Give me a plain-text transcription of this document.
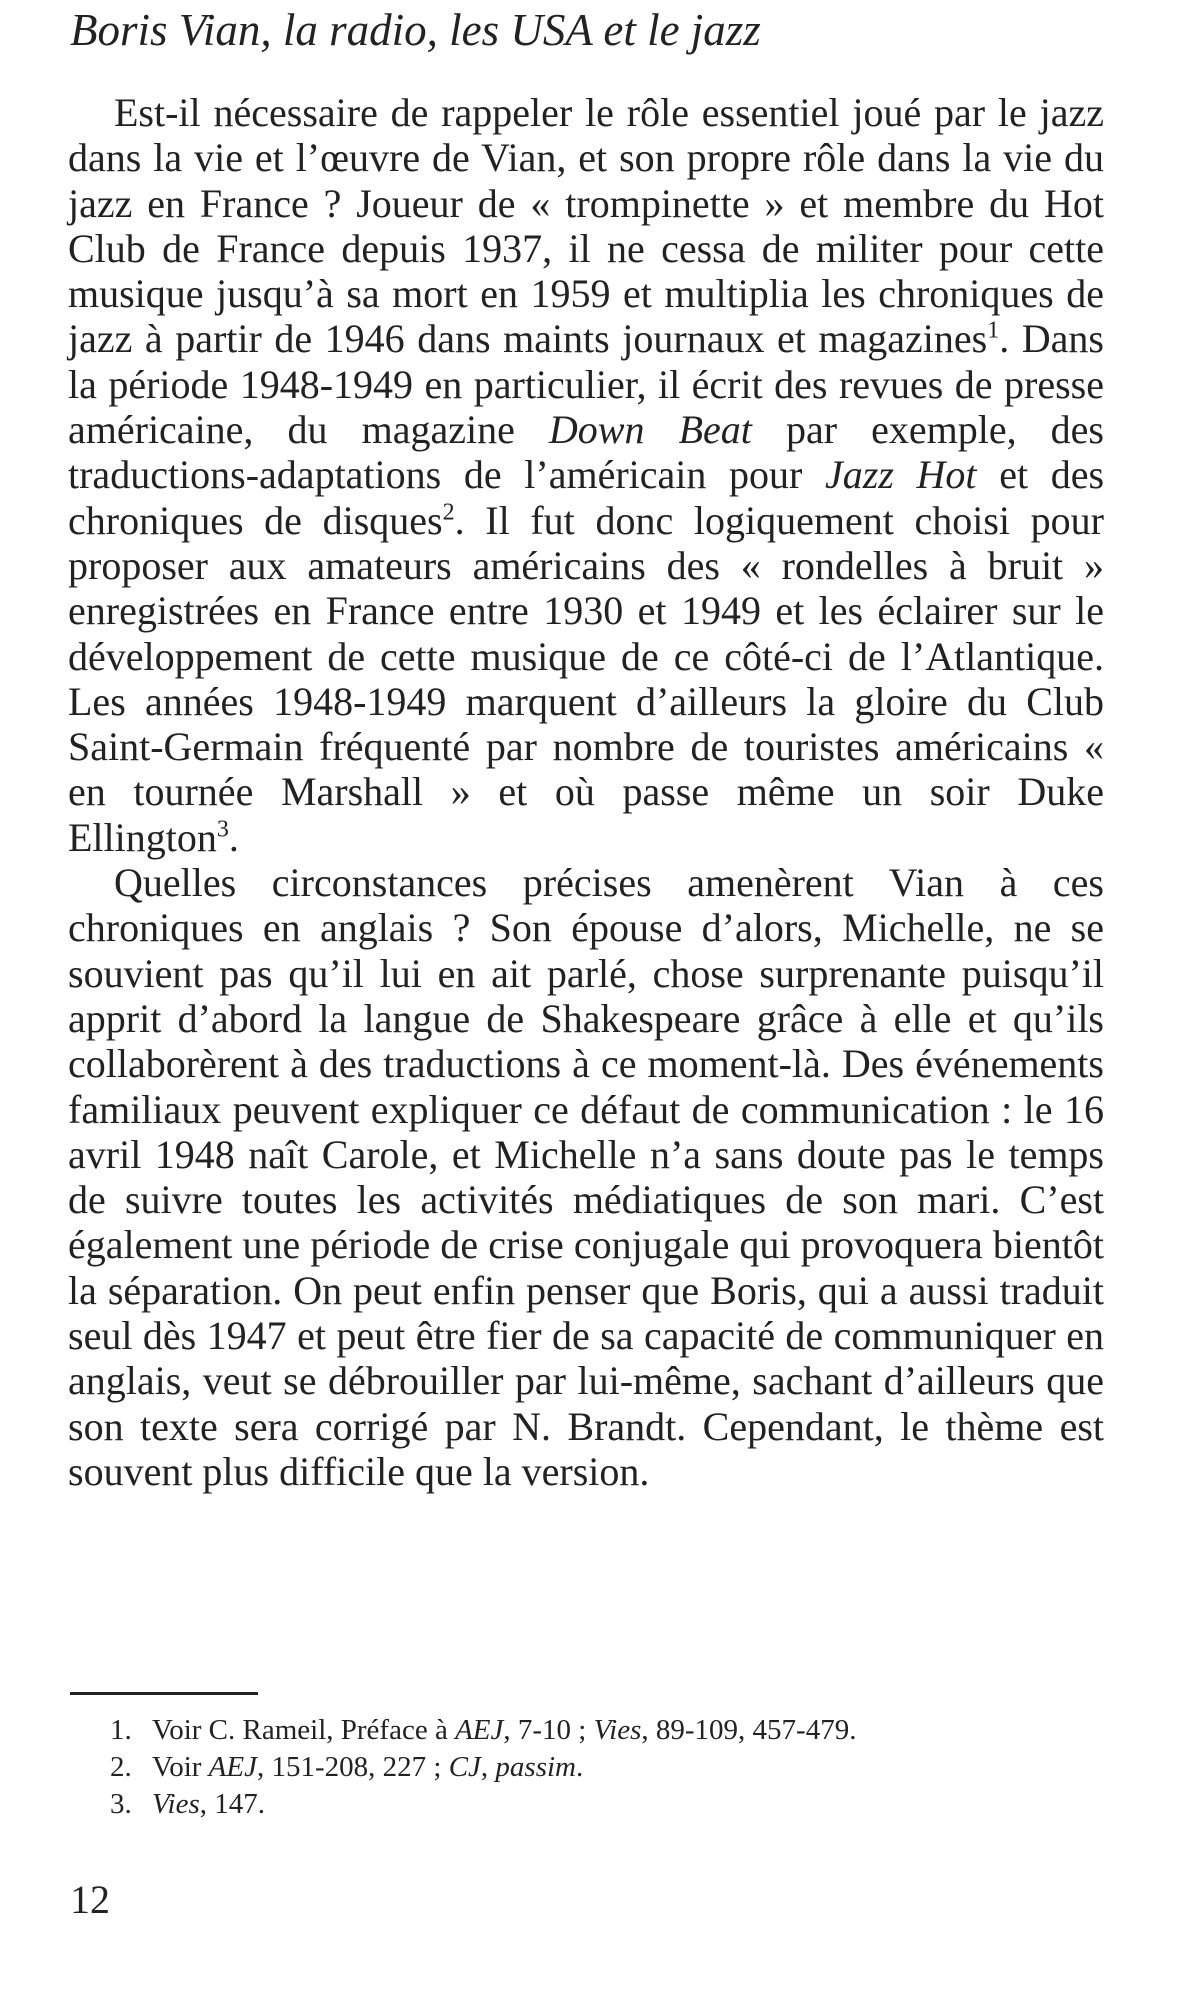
Boris Vian, la radio, les USA et le jazz

Est-il nécessaire de rappeler le rôle essentiel joué par le jazz dans la vie et l’œuvre de Vian, et son propre rôle dans la vie du jazz en France ? Joueur de « trompinette » et membre du Hot Club de France depuis 1937, il ne cessa de militer pour cette musique jusqu’à sa mort en 1959 et multiplia les chroniques de jazz à partir de 1946 dans maints journaux et magazines$^1$. Dans la période 1948-1949 en particulier, il écrit des revues de presse américaine, du magazine Down Beat par exemple, des traductions-adaptations de l’américain pour Jazz Hot et des chroniques de disques$^2$. Il fut donc logiquement choisi pour proposer aux amateurs américains des « rondelles à bruit » enregistrées en France entre 1930 et 1949 et les éclairer sur le développement de cette musique de ce côté-ci de l’Atlantique. Les années 1948-1949 marquent d’ailleurs la gloire du Club Saint-Germain fréquenté par nombre de touristes américains « en tournée Marshall » et où passe même un soir Duke Ellington$^3$.

Quelles circonstances précises amenèrent Vian à ces chroniques en anglais ? Son épouse d’alors, Michelle, ne se souvient pas qu’il lui en ait parlé, chose surprenante puisqu’il apprit d’abord la langue de Shakespeare grâce à elle et qu’ils collaborèrent à des traductions à ce moment-là. Des événements familiaux peuvent expliquer ce défaut de communication : le 16 avril 1948 naît Carole, et Michelle n’a sans doute pas le temps de suivre toutes les activités médiatiques de son mari. C’est également une période de crise conjugale qui provoquera bientôt la séparation. On peut enfin penser que Boris, qui a aussi traduit seul dès 1947 et peut être fier de sa capacité de communiquer en anglais, veut se débrouiller par lui-même, sachant d’ailleurs que son texte sera corrigé par N. Brandt. Cependant, le thème est souvent plus difficile que la version.

1. Voir C. Rameil, Préface à AEJ, 7-10 ; Vies, 89-109, 457-479.
2. Voir AEJ, 151-208, 227 ; CJ, passim.
3. Vies, 147.
12
